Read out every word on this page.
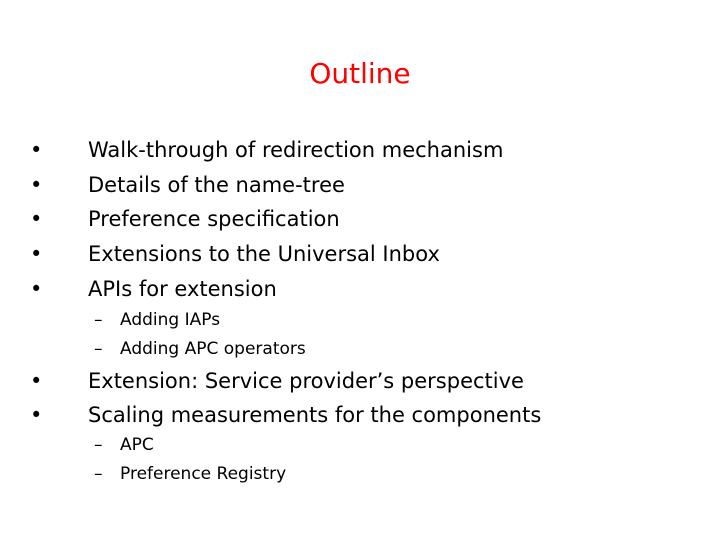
Outline
• Walk-through of redirection mechanism
• Details of the name-tree
• Preference specification
• Extensions to the Universal Inbox
• APIs for extension
– Adding IAPs
– Adding APC operators
• Extension: Service provider’s perspective
• Scaling measurements for the components
– APC
– Preference Registry
